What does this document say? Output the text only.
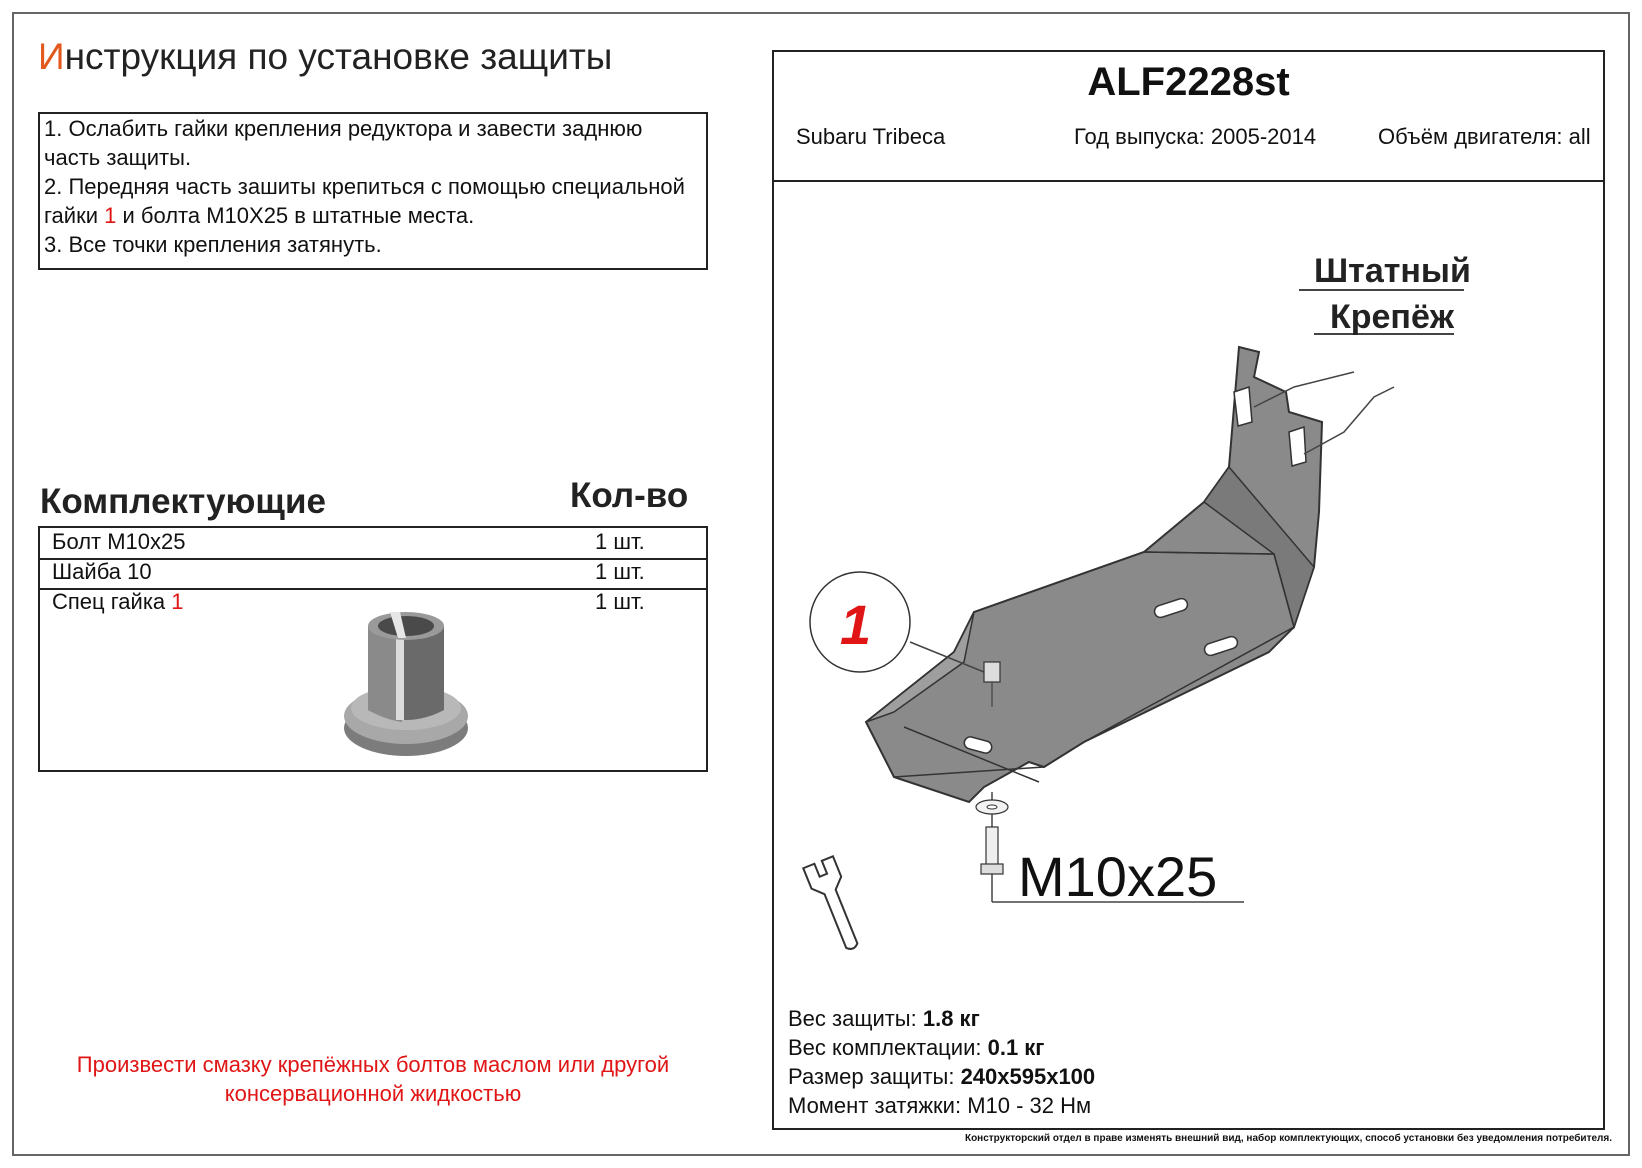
Инструкция по установке защиты

1. Ослабить гайки крепления редуктора и завести заднюю часть защиты.

2. Передняя часть зашиты крепиться с помощью специальной гайки 1 и болта М10Х25 в штатные места.

3. Все точки крепления затянуть.

Комплектующие	Кол-во
Болт М10х25	1 шт.
Шайба 10	1 шт.
Спец гайка 1	1 шт.
Произвести смазку крепёжных болтов маслом или другой консервационной жидкостью
ALF2228st
Subaru Tribeca	Год выпуска: 2005-2014	Объём двигателя: all
Штатный
Крепёж
1
M10x25
Вес защиты: 1.8 кг
Вес комплектации: 0.1 кг
Размер защиты: 240х595х100
Момент затяжки: М10 - 32 Нм
Конструкторский отдел в праве изменять внешний вид, набор комплектующих, способ установки без уведомления потребителя.
